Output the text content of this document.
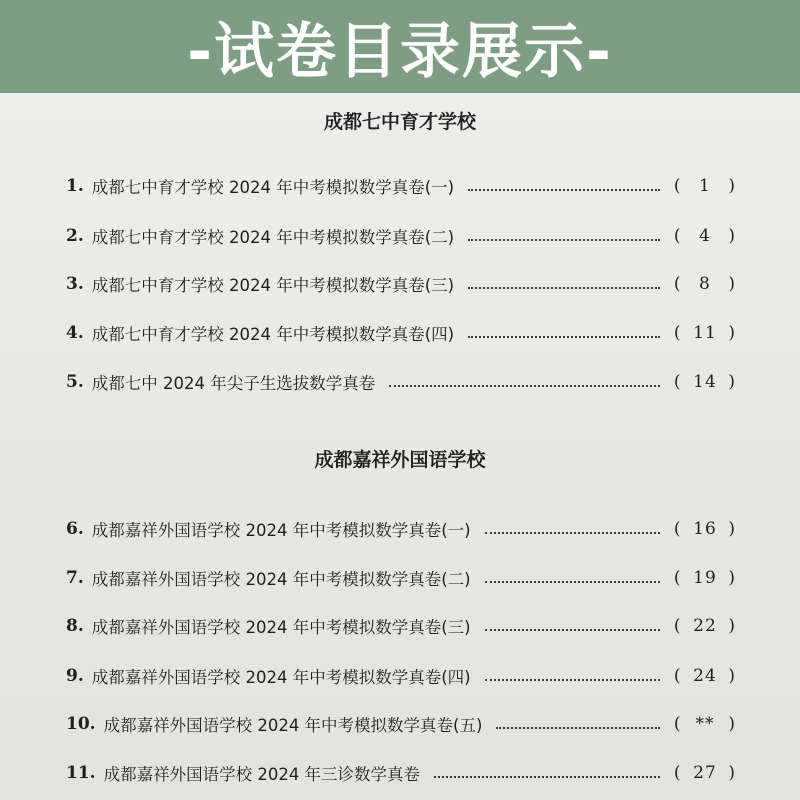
-试卷目录展示-
成都七中育才学校
1. 成都七中育才学校 2024 年中考模拟数学真卷(一)	( 1 )
2. 成都七中育才学校 2024 年中考模拟数学真卷(二)	( 4 )
3. 成都七中育才学校 2024 年中考模拟数学真卷(三)	( 8 )
4. 成都七中育才学校 2024 年中考模拟数学真卷(四)	( 11 )
5. 成都七中 2024 年尖子生选拔数学真卷	( 14 )
成都嘉祥外国语学校
6. 成都嘉祥外国语学校 2024 年中考模拟数学真卷(一)	( 16 )
7. 成都嘉祥外国语学校 2024 年中考模拟数学真卷(二)	( 19 )
8. 成都嘉祥外国语学校 2024 年中考模拟数学真卷(三)	( 22 )
9. 成都嘉祥外国语学校 2024 年中考模拟数学真卷(四)	( 24 )
10. 成都嘉祥外国语学校 2024 年中考模拟数学真卷(五)	( ** )
11. 成都嘉祥外国语学校 2024 年三诊数学真卷	( 27 )
